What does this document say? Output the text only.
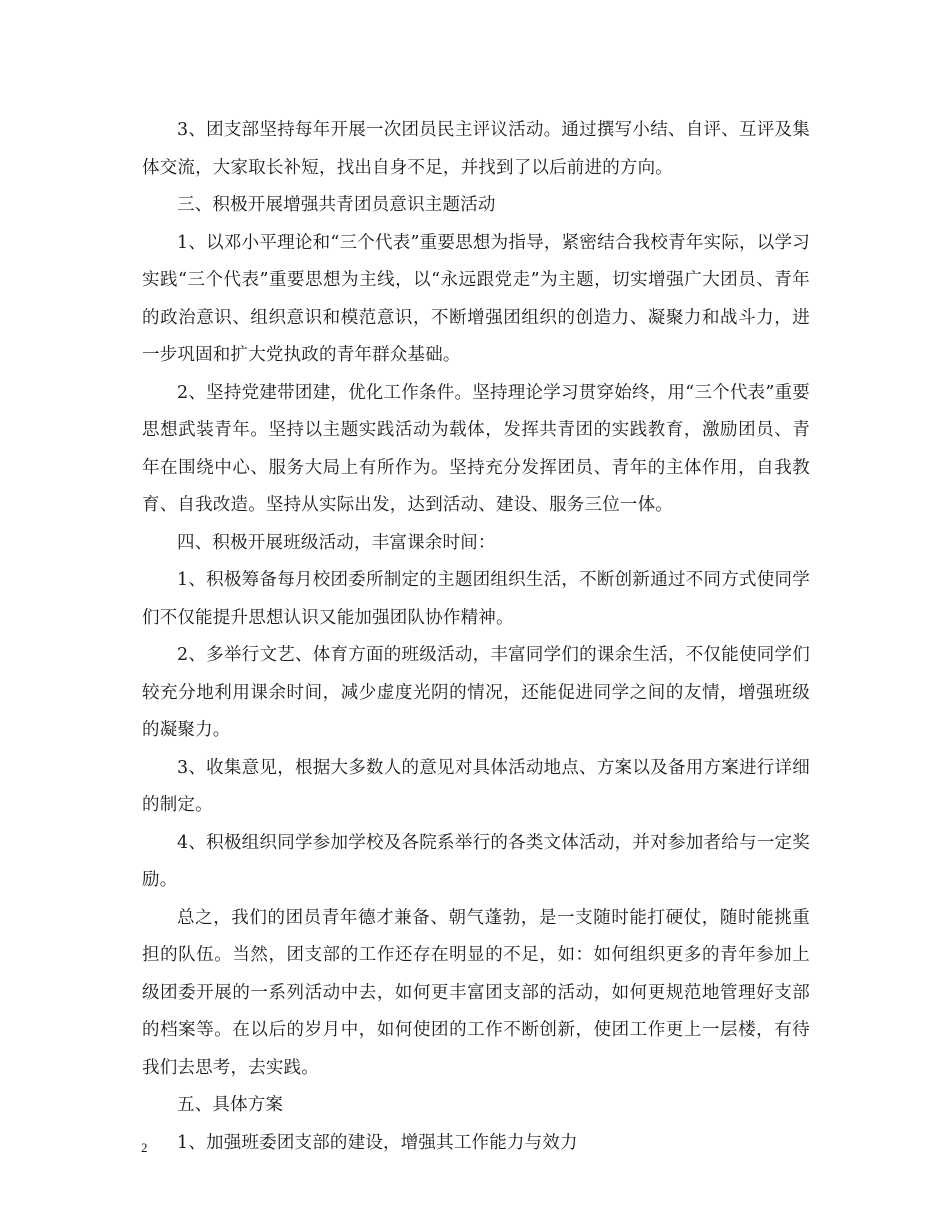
3、团支部坚持每年开展一次团员民主评议活动。通过撰写小结、自评、互评及集体交流，大家取长补短，找出自身不足，并找到了以后前进的方向。

三、积极开展增强共青团员意识主题活动

1、以邓小平理论和“三个代表”重要思想为指导，紧密结合我校青年实际，以学习实践“三个代表”重要思想为主线，以“永远跟党走”为主题，切实增强广大团员、青年的政治意识、组织意识和模范意识，不断增强团组织的创造力、凝聚力和战斗力，进一步巩固和扩大党执政的青年群众基础。

2、坚持党建带团建，优化工作条件。坚持理论学习贯穿始终，用“三个代表”重要思想武装青年。坚持以主题实践活动为载体，发挥共青团的实践教育，激励团员、青年在围绕中心、服务大局上有所作为。坚持充分发挥团员、青年的主体作用，自我教育、自我改造。坚持从实际出发，达到活动、建设、服务三位一体。

四、积极开展班级活动，丰富课余时间：

1、积极筹备每月校团委所制定的主题团组织生活，不断创新通过不同方式使同学们不仅能提升思想认识又能加强团队协作精神。

2、多举行文艺、体育方面的班级活动，丰富同学们的课余生活，不仅能使同学们较充分地利用课余时间，减少虚度光阴的情况，还能促进同学之间的友情，增强班级的凝聚力。

3、收集意见，根据大多数人的意见对具体活动地点、方案以及备用方案进行详细的制定。

4、积极组织同学参加学校及各院系举行的各类文体活动，并对参加者给与一定奖励。

总之，我们的团员青年德才兼备、朝气蓬勃，是一支随时能打硬仗，随时能挑重担的队伍。当然，团支部的工作还存在明显的不足，如：如何组织更多的青年参加上级团委开展的一系列活动中去，如何更丰富团支部的活动，如何更规范地管理好支部的档案等。在以后的岁月中，如何使团的工作不断创新，使团工作更上一层楼，有待我们去思考，去实践。

五、具体方案

1、加强班委团支部的建设，增强其工作能力与效力

2
